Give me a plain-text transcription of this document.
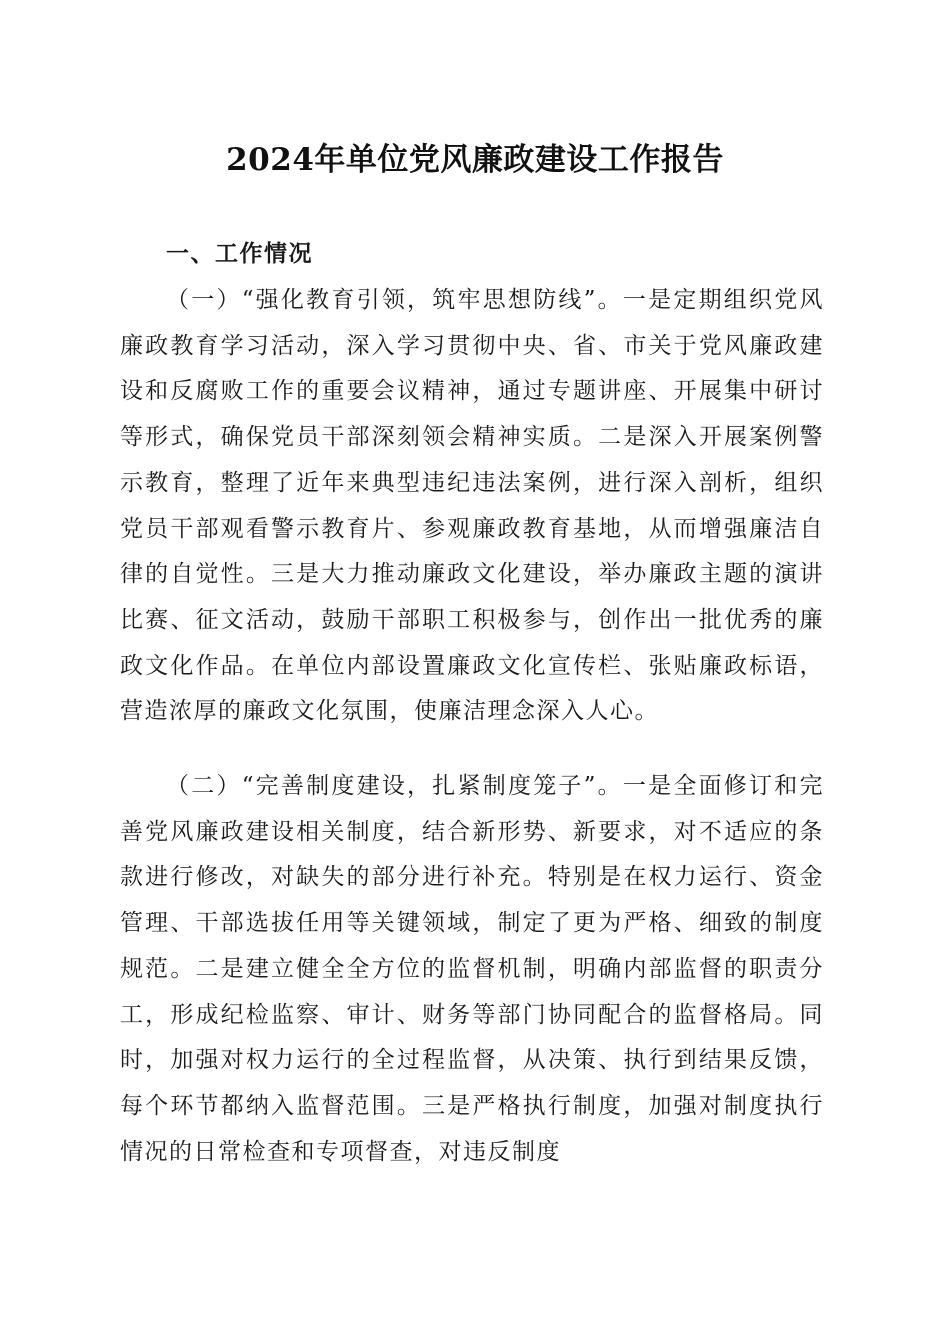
2024年单位党风廉政建设工作报告

一、工作情况

（一）“强化教育引领，筑牢思想防线”。一是定期组织党风廉政教育学习活动，深入学习贯彻中央、省、市关于党风廉政建设和反腐败工作的重要会议精神，通过专题讲座、开展集中研讨等形式，确保党员干部深刻领会精神实质。二是深入开展案例警示教育，整理了近年来典型违纪违法案例，进行深入剖析，组织党员干部观看警示教育片、参观廉政教育基地，从而增强廉洁自律的自觉性。三是大力推动廉政文化建设，举办廉政主题的演讲比赛、征文活动，鼓励干部职工积极参与，创作出一批优秀的廉政文化作品。在单位内部设置廉政文化宣传栏、张贴廉政标语，营造浓厚的廉政文化氛围，使廉洁理念深入人心。

（二）“完善制度建设，扎紧制度笼子”。一是全面修订和完善党风廉政建设相关制度，结合新形势、新要求，对不适应的条款进行修改，对缺失的部分进行补充。特别是在权力运行、资金管理、干部选拔任用等关键领域，制定了更为严格、细致的制度规范。二是建立健全全方位的监督机制，明确内部监督的职责分工，形成纪检监察、审计、财务等部门协同配合的监督格局。同时，加强对权力运行的全过程监督，从决策、执行到结果反馈，每个环节都纳入监督范围。三是严格执行制度，加强对制度执行情况的日常检查和专项督查，对违反制度
